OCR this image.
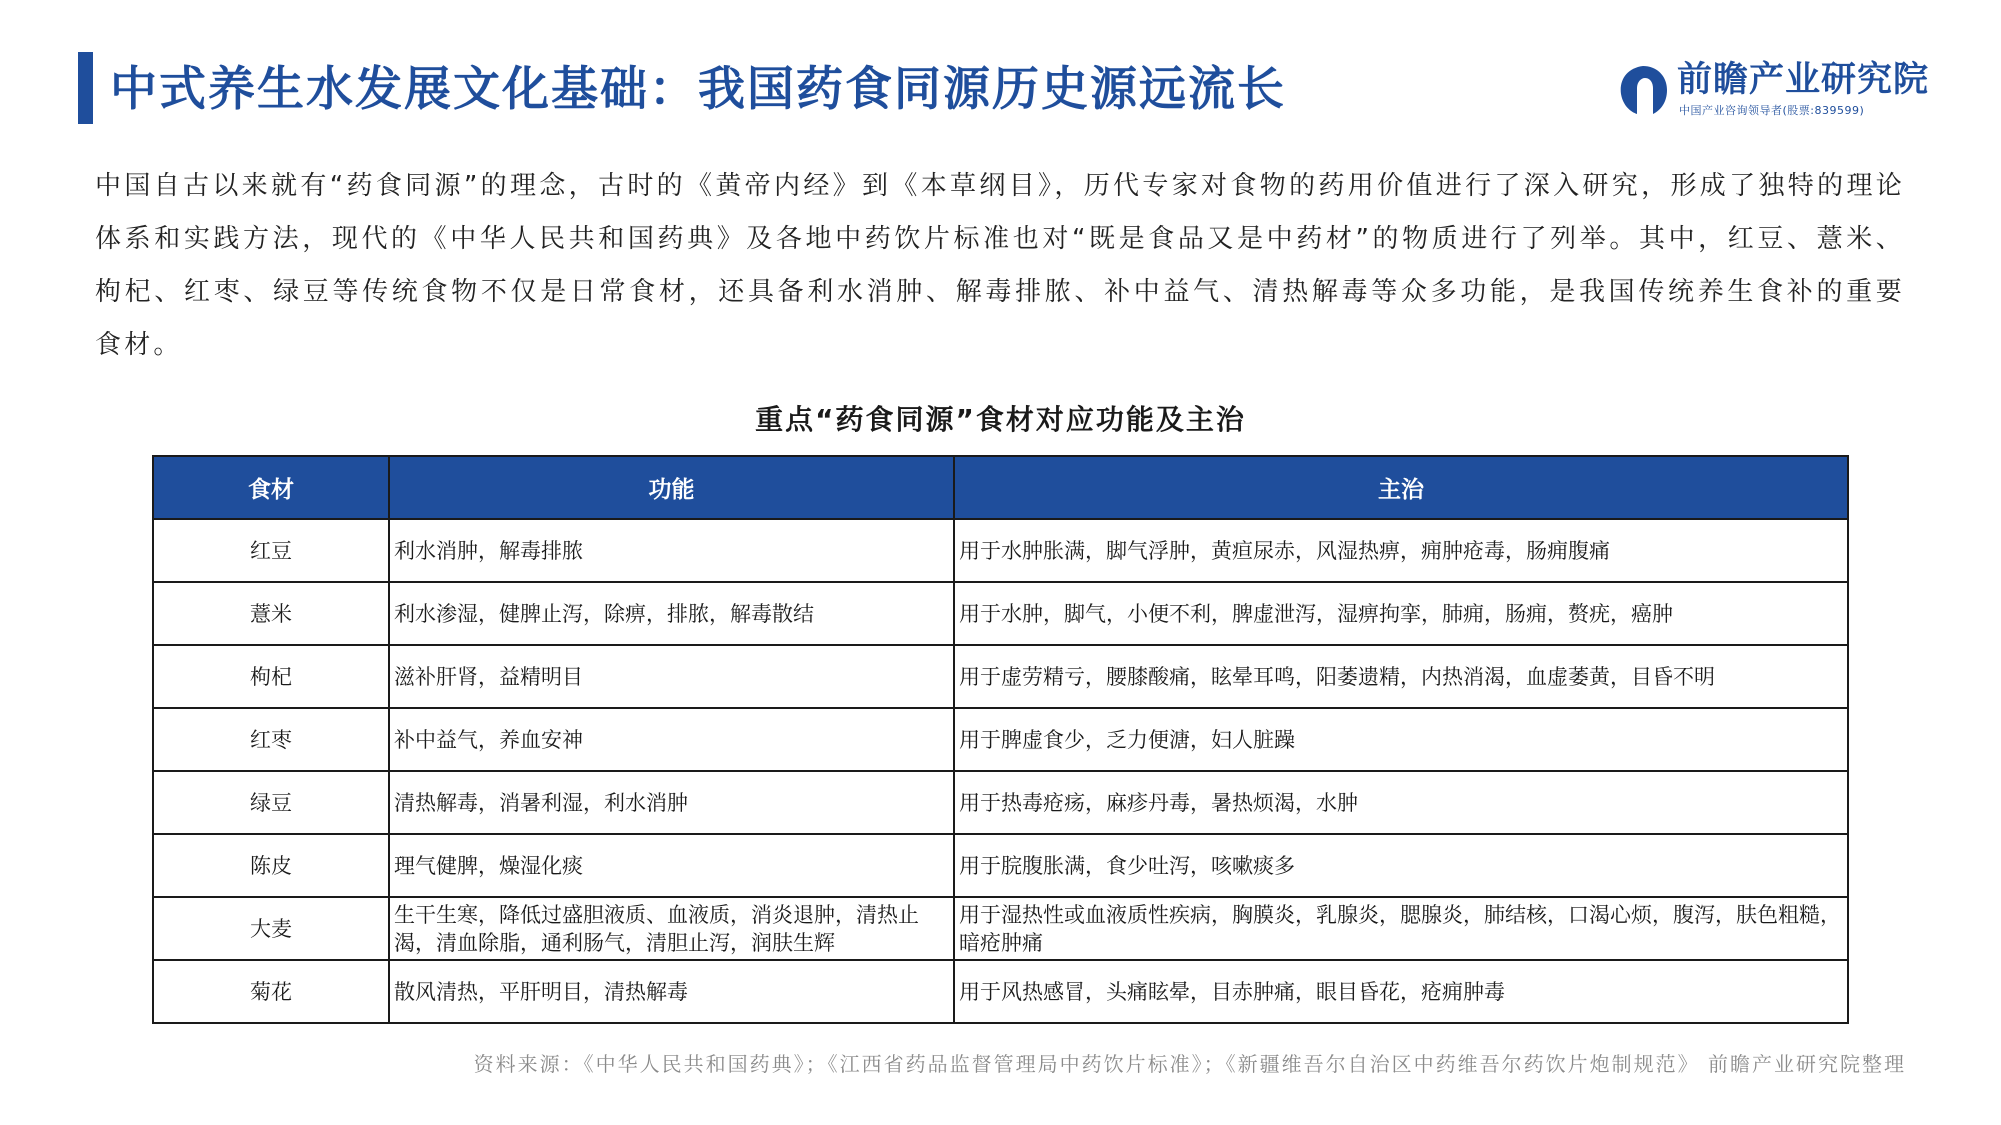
中式养生水发展文化基础：我国药食同源历史源远流长	前瞻产业研究院
中国产业咨询领导者(股票:839599)

中国自古以来就有“药食同源”的理念，古时的《黄帝内经》到《本草纲目》，历代专家对食物的药用价值进行了深入研究，形成了独特的理论体系和实践方法，现代的《中华人民共和国药典》及各地中药饮片标准也对“既是食品又是中药材”的物质进行了列举。其中，红豆、薏米、枸杞、红枣、绿豆等传统食物不仅是日常食材，还具备利水消肿、解毒排脓、补中益气、清热解毒等众多功能，是我国传统养生食补的重要食材。

重点“药食同源”食材对应功能及主治
食材	功能	主治
红豆	利水消肿，解毒排脓	用于水肿胀满，脚气浮肿，黄疸尿赤，风湿热痹，痈肿疮毒，肠痈腹痛
薏米	利水渗湿，健脾止泻，除痹，排脓，解毒散结	用于水肿，脚气，小便不利，脾虚泄泻，湿痹拘挛，肺痈，肠痈，赘疣，癌肿
枸杞	滋补肝肾，益精明目	用于虚劳精亏，腰膝酸痛，眩晕耳鸣，阳萎遗精，内热消渴，血虚萎黄，目昏不明
红枣	补中益气，养血安神	用于脾虚食少，乏力便溏，妇人脏躁
绿豆	清热解毒，消暑利湿，利水消肿	用于热毒疮疡，麻疹丹毒，暑热烦渴，水肿
陈皮	理气健脾，燥湿化痰	用于脘腹胀满，食少吐泻，咳嗽痰多
大麦	生干生寒，降低过盛胆液质、血液质，消炎退肿，清热止渴，清血除脂，通利肠气，清胆止泻，润肤生辉	用于湿热性或血液质性疾病，胸膜炎，乳腺炎，腮腺炎，肺结核，口渴心烦，腹泻，肤色粗糙，暗疮肿痛
菊花	散风清热，平肝明目，清热解毒	用于风热感冒，头痛眩晕，目赤肿痛，眼目昏花，疮痈肿毒
资料来源：《中华人民共和国药典》；《江西省药品监督管理局中药饮片标准》；《新疆维吾尔自治区中药维吾尔药饮片炮制规范》 前瞻产业研究院整理
